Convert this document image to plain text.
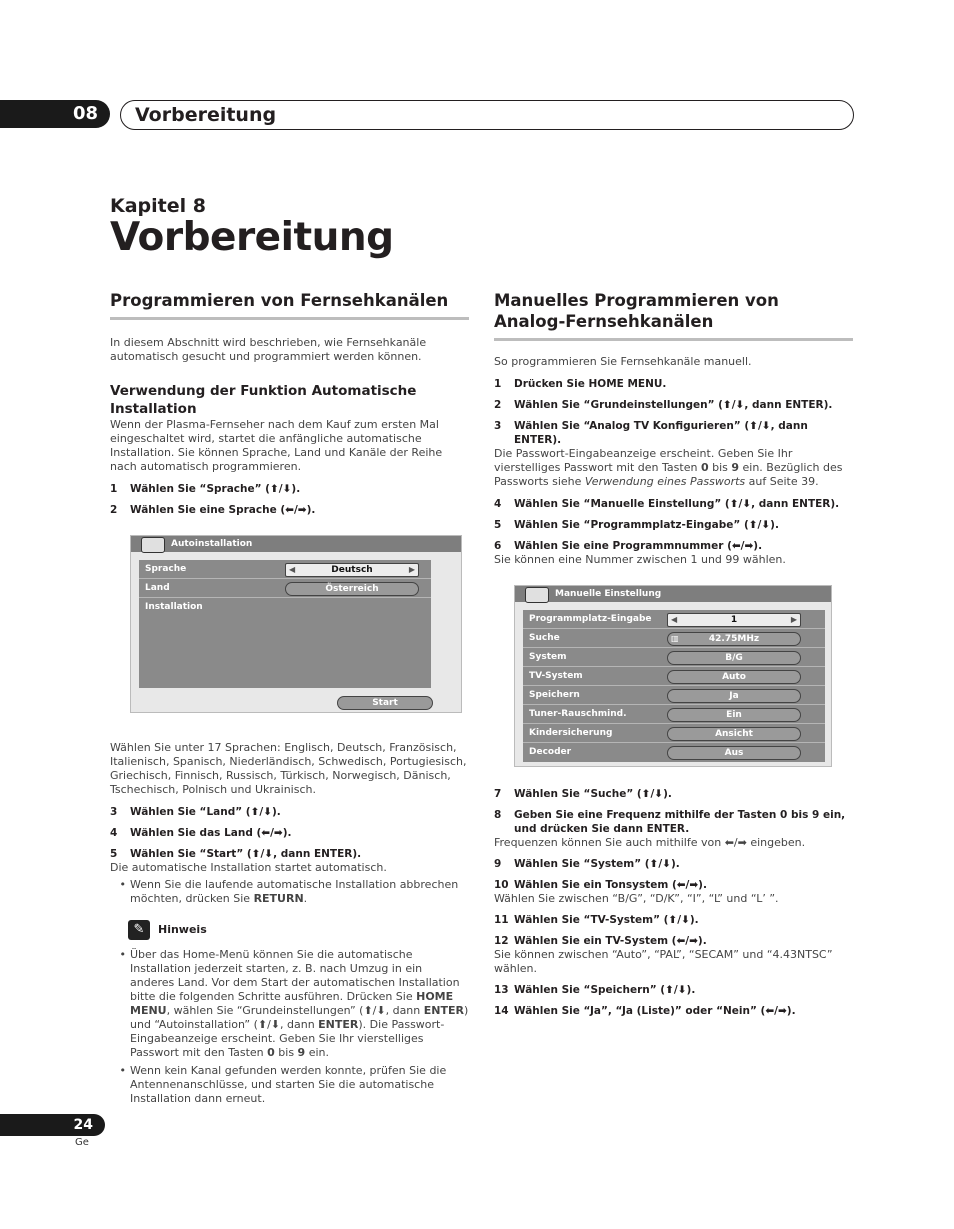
08	Vorbereitung
Kapitel 8
Vorbereitung
Programmieren von Fernsehkanälen

In diesem Abschnitt wird beschrieben, wie Fernsehkanäle automatisch gesucht und programmiert werden können.

Verwendung der Funktion Automatische Installation

Wenn der Plasma-Fernseher nach dem Kauf zum ersten Mal eingeschaltet wird, startet die anfängliche automatische Installation. Sie können Sprache, Land und Kanäle der Reihe nach automatisch programmieren.

1	Wählen Sie “Sprache” (⬆/⬇).
2	Wählen Sie eine Sprache (⬅/➡).
Autoinstallation
Sprache	◀	Deutsch	▶
Land	Österreich
Installation
Start

Wählen Sie unter 17 Sprachen: Englisch, Deutsch, Französisch, Italienisch, Spanisch, Niederländisch, Schwedisch, Portugiesisch, Griechisch, Finnisch, Russisch, Türkisch, Norwegisch, Dänisch, Tschechisch, Polnisch und Ukrainisch.

3	Wählen Sie “Land” (⬆/⬇).
4	Wählen Sie das Land (⬅/➡).
5	Wählen Sie “Start” (⬆/⬇, dann ENTER).

Die automatische Installation startet automatisch.

• Wenn Sie die laufende automatische Installation abbrechen möchten, drücken Sie RETURN.
✎	Hinweis
• Über das Home-Menü können Sie die automatische Installation jederzeit starten, z. B. nach Umzug in ein anderes Land. Vor dem Start der automatischen Installation bitte die folgenden Schritte ausführen. Drücken Sie HOME MENU, wählen Sie “Grundeinstellungen” (⬆/⬇, dann ENTER) und “Autoinstallation” (⬆/⬇, dann ENTER). Die Passwort-Eingabeanzeige erscheint. Geben Sie Ihr vierstelliges Passwort mit den Tasten 0 bis 9 ein.
• Wenn kein Kanal gefunden werden konnte, prüfen Sie die Antennenanschlüsse, und starten Sie die automatische Installation dann erneut.
Manuelles Programmieren von Analog-Fernsehkanälen

So programmieren Sie Fernsehkanäle manuell.

1	Drücken Sie HOME MENU.
2	Wählen Sie “Grundeinstellungen” (⬆/⬇, dann ENTER).
3	Wählen Sie “Analog TV Konfigurieren” (⬆/⬇, dann ENTER).

Die Passwort-Eingabeanzeige erscheint. Geben Sie Ihr vierstelliges Passwort mit den Tasten 0 bis 9 ein. Bezüglich des Passworts siehe Verwendung eines Passworts auf Seite 39.

4	Wählen Sie “Manuelle Einstellung” (⬆/⬇, dann ENTER).
5	Wählen Sie “Programmplatz-Eingabe” (⬆/⬇).
6	Wählen Sie eine Programmnummer (⬅/➡).

Sie können eine Nummer zwischen 1 und 99 wählen.

Manuelle Einstellung
Programmplatz-Eingabe ◀	1	▶
Suche	▥	42.75MHz
System	B/G
TV-System	Auto
Speichern	Ja
Tuner-Rauschmind.	Ein
Kindersicherung	Ansicht
Decoder	Aus
7	Wählen Sie “Suche” (⬆/⬇).
8	Geben Sie eine Frequenz mithilfe der Tasten 0 bis 9 ein, und drücken Sie dann ENTER.

Frequenzen können Sie auch mithilfe von ⬅/➡ eingeben.

9	Wählen Sie “System” (⬆/⬇).
10 Wählen Sie ein Tonsystem (⬅/➡).

Wählen Sie zwischen “B/G”, “D/K”, “I”, “L” und “L’ ”.

11 Wählen Sie “TV-System” (⬆/⬇).
12 Wählen Sie ein TV-System (⬅/➡).

Sie können zwischen “Auto”, “PAL”, “SECAM” und “4.43NTSC” wählen.

13 Wählen Sie “Speichern” (⬆/⬇).
14 Wählen Sie “Ja”, “Ja (Liste)” oder “Nein” (⬅/➡).
24
Ge
